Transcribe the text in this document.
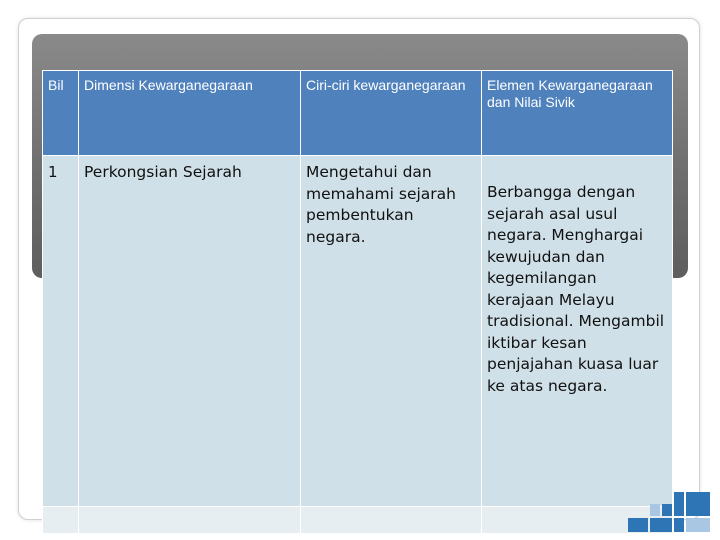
Bil	Dimensi Kewarganegaraan	Ciri-ciri kewarganegaraan	Elemen Kewarganegaraan dan Nilai Sivik
1	Perkongsian Sejarah	Mengetahui dan memahami sejarah pembentukan negara.	Berbangga dengan sejarah asal usul negara. Menghargai kewujudan dan kegemilangan kerajaan Melayu tradisional. Mengambil iktibar kesan penjajahan kuasa luar ke atas negara.
